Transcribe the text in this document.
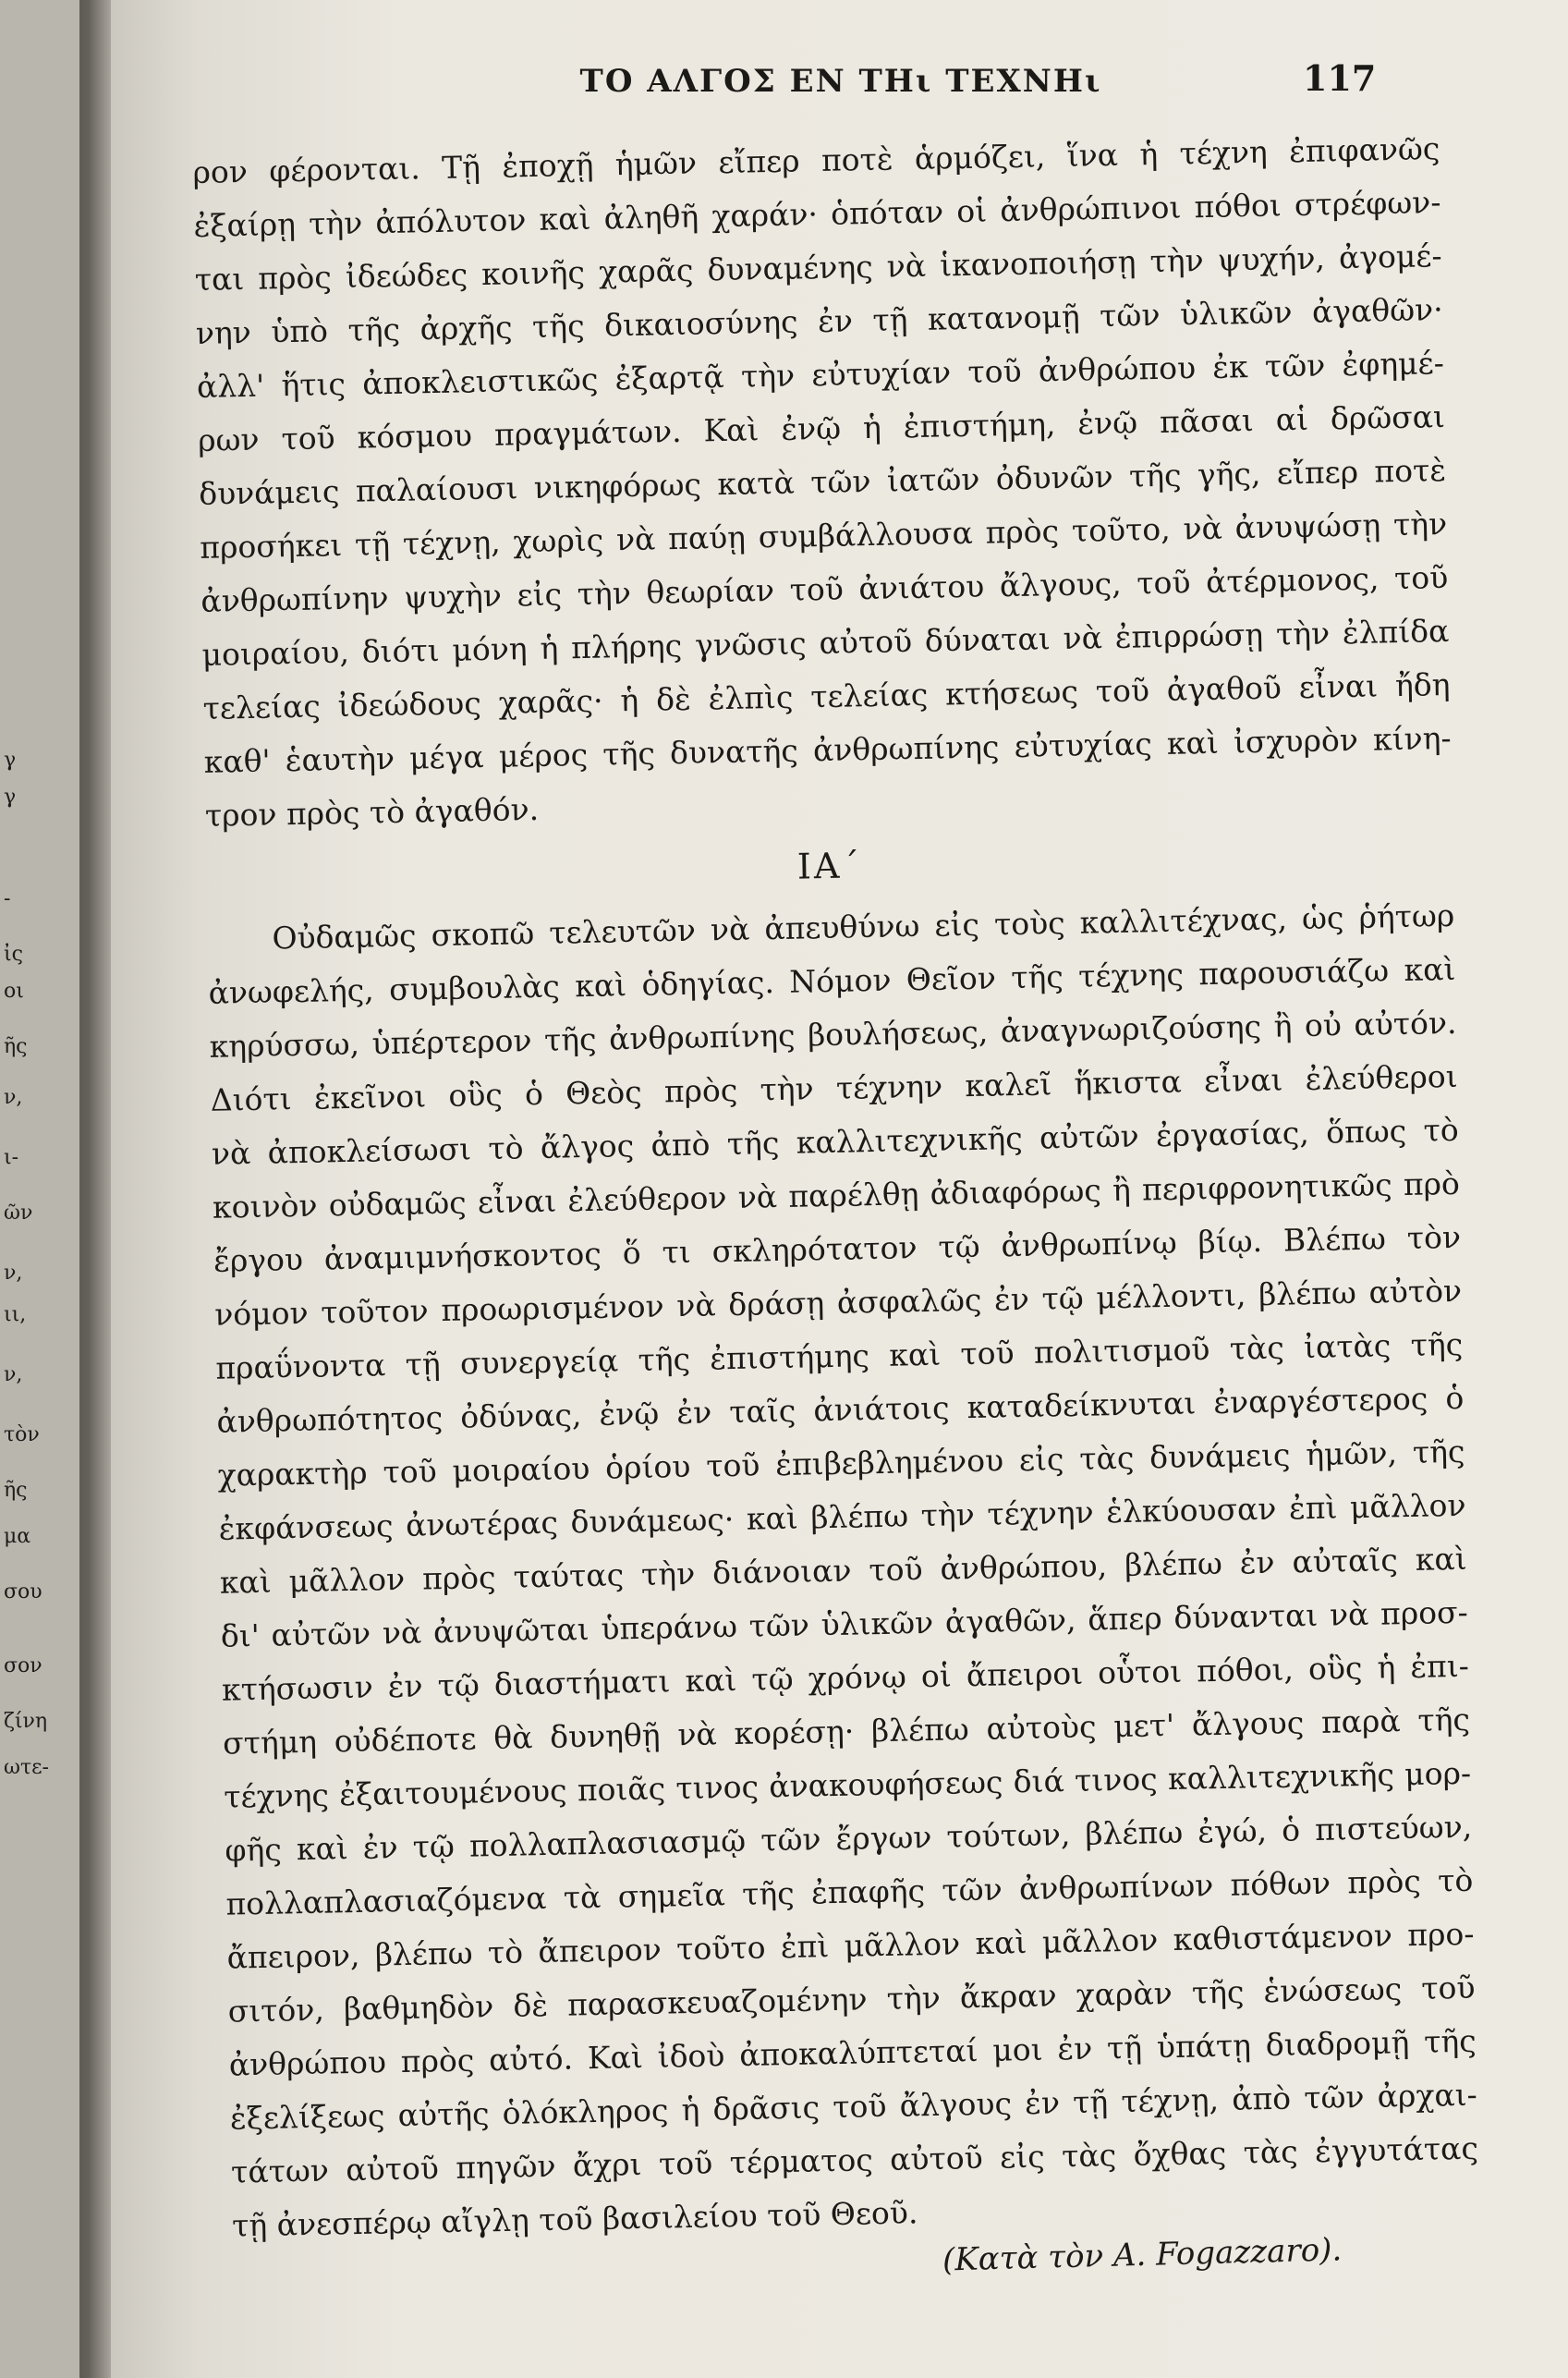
γ
γ
-
ἰς
οι
ῆς
ν,
ι-
ῶν
ν,
ιι,
ν,
τὸν
ῆς
μα
σου
σον
ζίνη
ωτε-
ΤΟ ΑΛΓΟΣ ΕΝ ΤΗι ΤΕΧΝΗι	117
ρον φέρονται. Τῇ ἐποχῇ ἡμῶν εἴπερ ποτὲ ἁρμόζει, ἵνα ἡ τέχνη ἐπιφανῶς
ἐξαίρῃ τὴν ἀπόλυτον καὶ ἀληθῆ χαράν· ὁπόταν οἱ ἀνθρώπινοι πόθοι στρέφων-
ται πρὸς ἰδεώδες κοινῆς χαρᾶς δυναμένης νὰ ἱκανοποιήσῃ τὴν ψυχήν, ἀγομέ-
νην ὑπὸ τῆς ἀρχῆς τῆς δικαιοσύνης ἐν τῇ κατανομῇ τῶν ὑλικῶν ἀγαθῶν·
ἀλλ' ἥτις ἀποκλειστικῶς ἐξαρτᾷ τὴν εὐτυχίαν τοῦ ἀνθρώπου ἐκ τῶν ἐφημέ-
ρων τοῦ κόσμου πραγμάτων. Καὶ ἐνῷ ἡ ἐπιστήμη, ἐνῷ πᾶσαι αἱ δρῶσαι
δυνάμεις παλαίουσι νικηφόρως κατὰ τῶν ἰατῶν ὀδυνῶν τῆς γῆς, εἴπερ ποτὲ
προσήκει τῇ τέχνῃ, χωρὶς νὰ παύῃ συμβάλλουσα πρὸς τοῦτο, νὰ ἀνυψώσῃ τὴν
ἀνθρωπίνην ψυχὴν εἰς τὴν θεωρίαν τοῦ ἀνιάτου ἄλγους, τοῦ ἀτέρμονος, τοῦ
μοιραίου, διότι μόνη ἡ πλήρης γνῶσις αὐτοῦ δύναται νὰ ἐπιρρώσῃ τὴν ἐλπίδα
τελείας ἰδεώδους χαρᾶς· ἡ δὲ ἐλπὶς τελείας κτήσεως τοῦ ἀγαθοῦ εἶναι ἤδη
καθ' ἑαυτὴν μέγα μέρος τῆς δυνατῆς ἀνθρωπίνης εὐτυχίας καὶ ἰσχυρὸν κίνη-
τρον πρὸς τὸ ἀγαθόν.
ΙΑ΄
Οὐδαμῶς σκοπῶ τελευτῶν νὰ ἀπευθύνω εἰς τοὺς καλλιτέχνας, ὡς ῥήτωρ
ἀνωφελής, συμβουλὰς καὶ ὁδηγίας. Νόμον Θεῖον τῆς τέχνης παρουσιάζω καὶ
κηρύσσω, ὑπέρτερον τῆς ἀνθρωπίνης βουλήσεως, ἀναγνωριζούσης ἢ οὐ αὐτόν.
Διότι ἐκεῖνοι οὓς ὁ Θεὸς πρὸς τὴν τέχνην καλεῖ ἥκιστα εἶναι ἐλεύθεροι
νὰ ἀποκλείσωσι τὸ ἄλγος ἀπὸ τῆς καλλιτεχνικῆς αὐτῶν ἐργασίας, ὅπως τὸ
κοινὸν οὐδαμῶς εἶναι ἐλεύθερον νὰ παρέλθῃ ἀδιαφόρως ἢ περιφρονητικῶς πρὸ
ἔργου ἀναμιμνήσκοντος ὅ τι σκληρότατον τῷ ἀνθρωπίνῳ βίῳ. Βλέπω τὸν
νόμον τοῦτον προωρισμένον νὰ δράσῃ ἀσφαλῶς ἐν τῷ μέλλοντι, βλέπω αὐτὸν
πραΰνοντα τῇ συνεργείᾳ τῆς ἐπιστήμης καὶ τοῦ πολιτισμοῦ τὰς ἰατὰς τῆς
ἀνθρωπότητος ὀδύνας, ἐνῷ ἐν ταῖς ἀνιάτοις καταδείκνυται ἐναργέστερος ὁ
χαρακτὴρ τοῦ μοιραίου ὁρίου τοῦ ἐπιβεβλημένου εἰς τὰς δυνάμεις ἡμῶν, τῆς
ἐκφάνσεως ἀνωτέρας δυνάμεως· καὶ βλέπω τὴν τέχνην ἑλκύουσαν ἐπὶ μᾶλλον
καὶ μᾶλλον πρὸς ταύτας τὴν διάνοιαν τοῦ ἀνθρώπου, βλέπω ἐν αὐταῖς καὶ
δι' αὐτῶν νὰ ἀνυψῶται ὑπεράνω τῶν ὑλικῶν ἀγαθῶν, ἅπερ δύνανται νὰ προσ-
κτήσωσιν ἐν τῷ διαστήματι καὶ τῷ χρόνῳ οἱ ἄπειροι οὗτοι πόθοι, οὓς ἡ ἐπι-
στήμη οὐδέποτε θὰ δυνηθῇ νὰ κορέσῃ· βλέπω αὐτοὺς μετ' ἄλγους παρὰ τῆς
τέχνης ἐξαιτουμένους ποιᾶς τινος ἀνακουφήσεως διά τινος καλλιτεχνικῆς μορ-
φῆς καὶ ἐν τῷ πολλαπλασιασμῷ τῶν ἔργων τούτων, βλέπω ἐγώ, ὁ πιστεύων,
πολλαπλασιαζόμενα τὰ σημεῖα τῆς ἐπαφῆς τῶν ἀνθρωπίνων πόθων πρὸς τὸ
ἄπειρον, βλέπω τὸ ἄπειρον τοῦτο ἐπὶ μᾶλλον καὶ μᾶλλον καθιστάμενον προ-
σιτόν, βαθμηδὸν δὲ παρασκευαζομένην τὴν ἄκραν χαρὰν τῆς ἑνώσεως τοῦ
ἀνθρώπου πρὸς αὐτό. Καὶ ἰδοὺ ἀποκαλύπτεταί μοι ἐν τῇ ὑπάτῃ διαδρομῇ τῆς
ἐξελίξεως αὐτῆς ὁλόκληρος ἡ δρᾶσις τοῦ ἄλγους ἐν τῇ τέχνῃ, ἀπὸ τῶν ἀρχαι-
τάτων αὐτοῦ πηγῶν ἄχρι τοῦ τέρματος αὐτοῦ εἰς τὰς ὄχθας τὰς ἐγγυτάτας
τῇ ἀνεσπέρῳ αἴγλῃ τοῦ βασιλείου τοῦ Θεοῦ.
(Κατὰ τὸν Α. Fogazzaro).
